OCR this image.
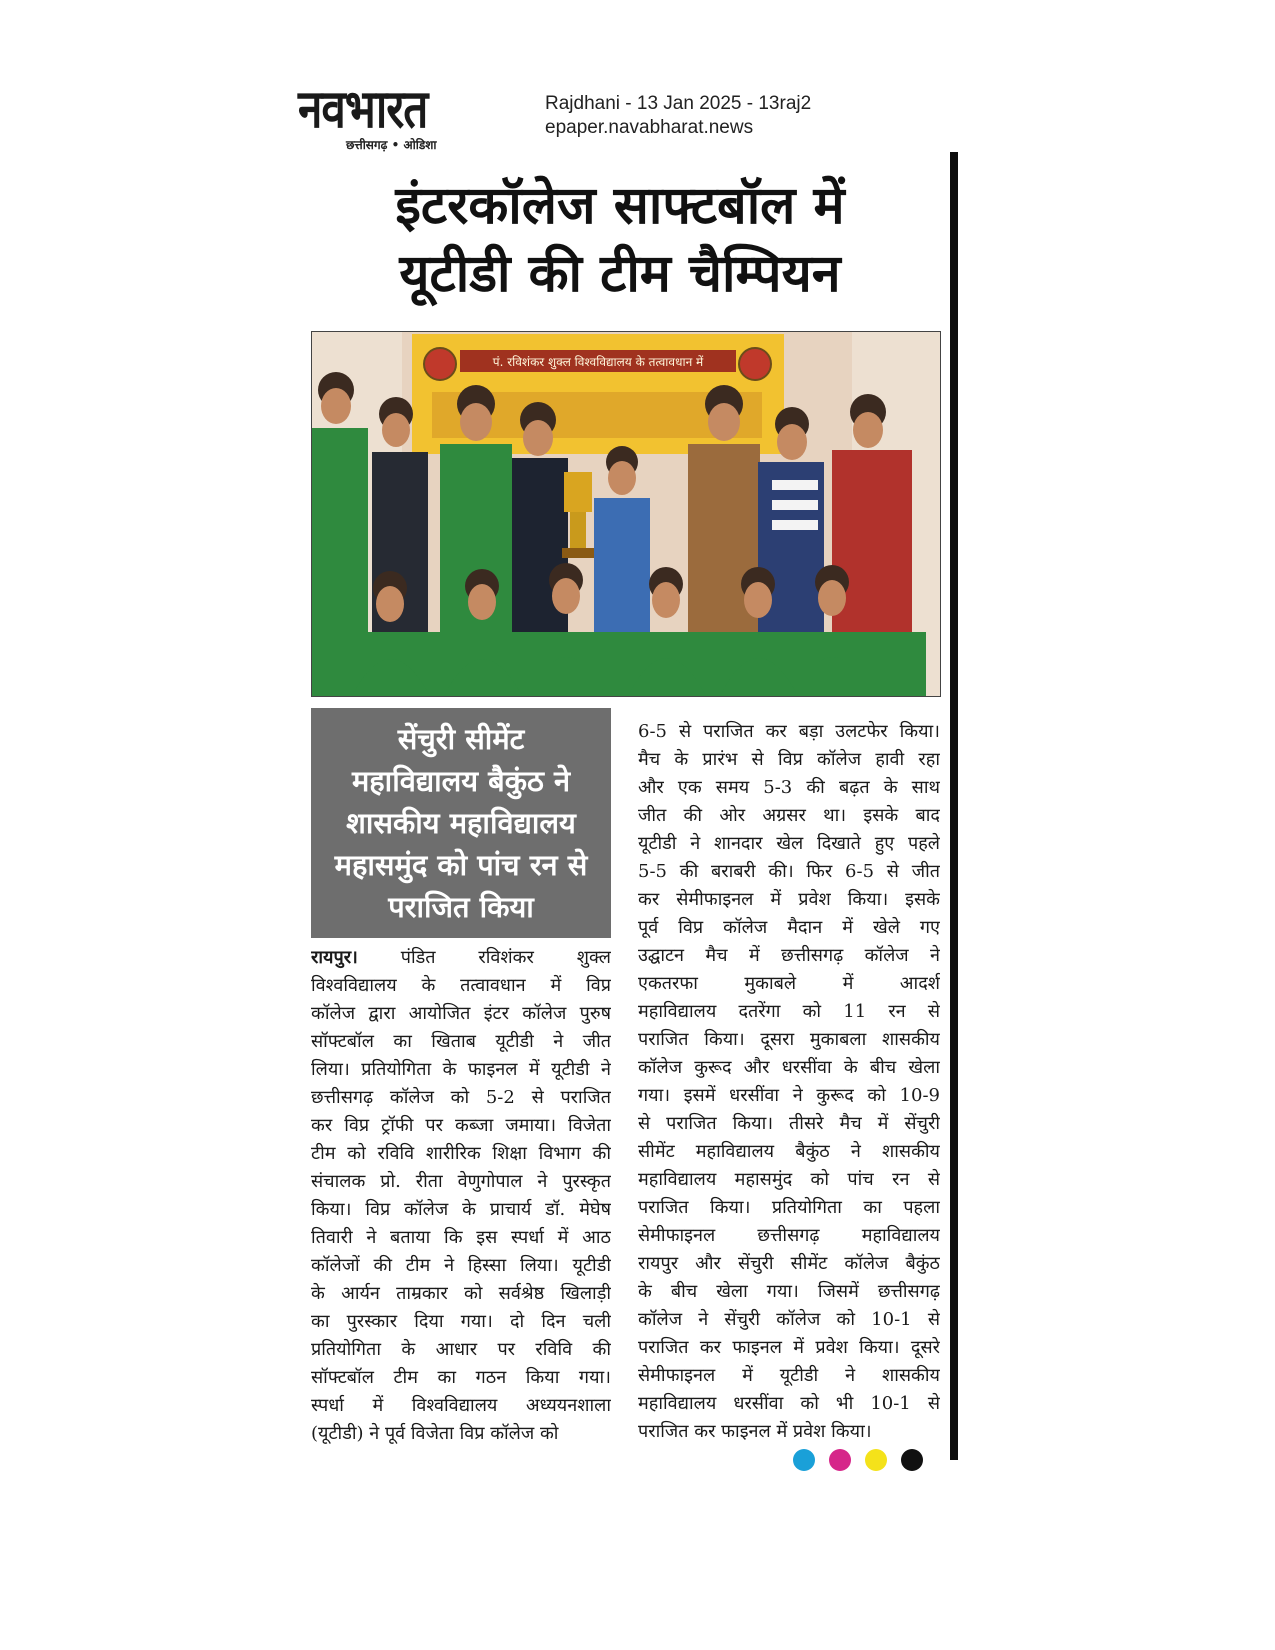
नवभारत
छत्तीसगढ़ • ओडिशा
Rajdhani - 13 Jan 2025 - 13raj2
epaper.navabharat.news
इंटरकॉलेज साफ्टबॉल में
यूटीडी की टीम चैम्पियन
पं. रविशंकर शुक्ल विश्वविद्यालय के तत्वावधान में
सेंचुरी सीमेंट
महाविद्यालय बैकुंठ ने
शासकीय महाविद्यालय
महासमुंद को पांच रन से
पराजित किया
रायपुर। पंडित रविशंकर शुक्ल
विश्वविद्यालय के तत्वावधान में विप्र
कॉलेज द्वारा आयोजित इंटर कॉलेज पुरुष
सॉफ्टबॉल का खिताब यूटीडी ने जीत
लिया। प्रतियोगिता के फाइनल में यूटीडी ने
छत्तीसगढ़ कॉलेज को 5-2 से पराजित
कर विप्र ट्रॉफी पर कब्जा जमाया। विजेता
टीम को रविवि शारीरिक शिक्षा विभाग की
संचालक प्रो. रीता वेणुगोपाल ने पुरस्कृत
किया। विप्र कॉलेज के प्राचार्य डॉ. मेघेष
तिवारी ने बताया कि इस स्पर्धा में आठ
कॉलेजों की टीम ने हिस्सा लिया। यूटीडी
के आर्यन ताम्रकार को सर्वश्रेष्ठ खिलाड़ी
का पुरस्कार दिया गया। दो दिन चली
प्रतियोगिता के आधार पर रविवि की
सॉफ्टबॉल टीम का गठन किया गया।
स्पर्धा में विश्वविद्यालय अध्ययनशाला
(यूटीडी) ने पूर्व विजेता विप्र कॉलेज को
6-5 से पराजित कर बड़ा उलटफेर किया।
मैच के प्रारंभ से विप्र कॉलेज हावी रहा
और एक समय 5-3 की बढ़त के साथ
जीत की ओर अग्रसर था। इसके बाद
यूटीडी ने शानदार खेल दिखाते हुए पहले
5-5 की बराबरी की। फिर 6-5 से जीत
कर सेमीफाइनल में प्रवेश किया। इसके
पूर्व विप्र कॉलेज मैदान में खेले गए
उद्घाटन मैच में छत्तीसगढ़ कॉलेज ने
एकतरफा मुकाबले में आदर्श
महाविद्यालय दतरेंगा को 11 रन से
पराजित किया। दूसरा मुकाबला शासकीय
कॉलेज कुरूद और धरसींवा के बीच खेला
गया। इसमें धरसींवा ने कुरूद को 10-9
से पराजित किया। तीसरे मैच में सेंचुरी
सीमेंट महाविद्यालय बैकुंठ ने शासकीय
महाविद्यालय महासमुंद को पांच रन से
पराजित किया। प्रतियोगिता का पहला
सेमीफाइनल छत्तीसगढ़ महाविद्यालय
रायपुर और सेंचुरी सीमेंट कॉलेज बैकुंठ
के बीच खेला गया। जिसमें छत्तीसगढ़
कॉलेज ने सेंचुरी कॉलेज को 10-1 से
पराजित कर फाइनल में प्रवेश किया। दूसरे
सेमीफाइनल में यूटीडी ने शासकीय
महाविद्यालय धरसींवा को भी 10-1 से
पराजित कर फाइनल में प्रवेश किया।
